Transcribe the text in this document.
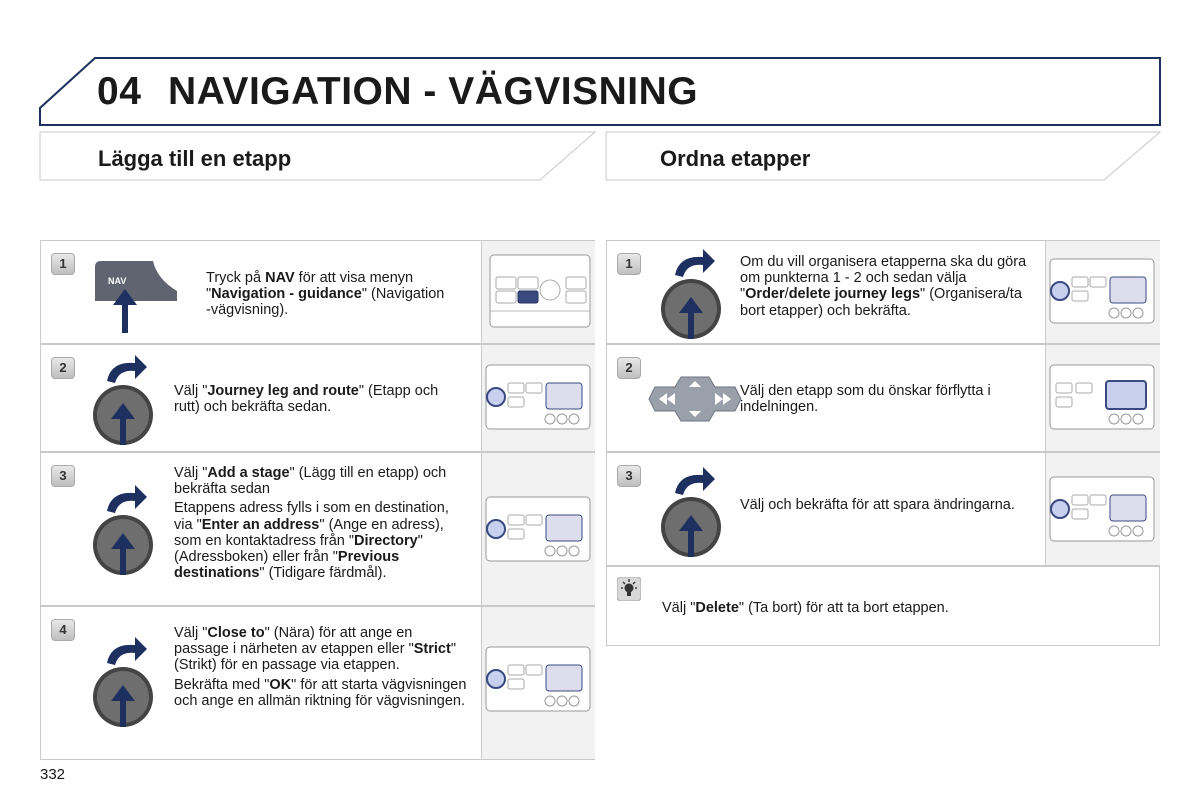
04 NAVIGATION - VÄGVISNING
Lägga till en etapp	Ordna etapper
1
NAV	Tryck på NAV för att visa menyn "Navigation - guidance" (Navigation -vägvisning).
2
Välj "Journey leg and route" (Etapp och rutt) och bekräfta sedan.
3	Välj "Add a stage" (Lägg till en etapp) och bekräfta sedan

Etappens adress fylls i som en destination, via "Enter an address" (Ange en adress), som en kontaktadress från "Directory" (Adressboken) eller från "Previous destinations" (Tidigare färdmål).

4	Välj "Close to" (Nära) för att ange en passage i närheten av etappen eller "Strict" (Strikt) för en passage via etappen.

Bekräfta med "OK" för att starta vägvisningen och ange en allmän riktning för vägvisningen.

1	Om du vill organisera etapperna ska du göra om punkterna 1 - 2 och sedan välja "Order/delete journey legs" (Organisera/ta bort etapper) och bekräfta.
2
Välj den etapp som du önskar förflytta i indelningen.
3
Välj och bekräfta för att spara ändringarna.
Välj "Delete" (Ta bort) för att ta bort etappen.
332
